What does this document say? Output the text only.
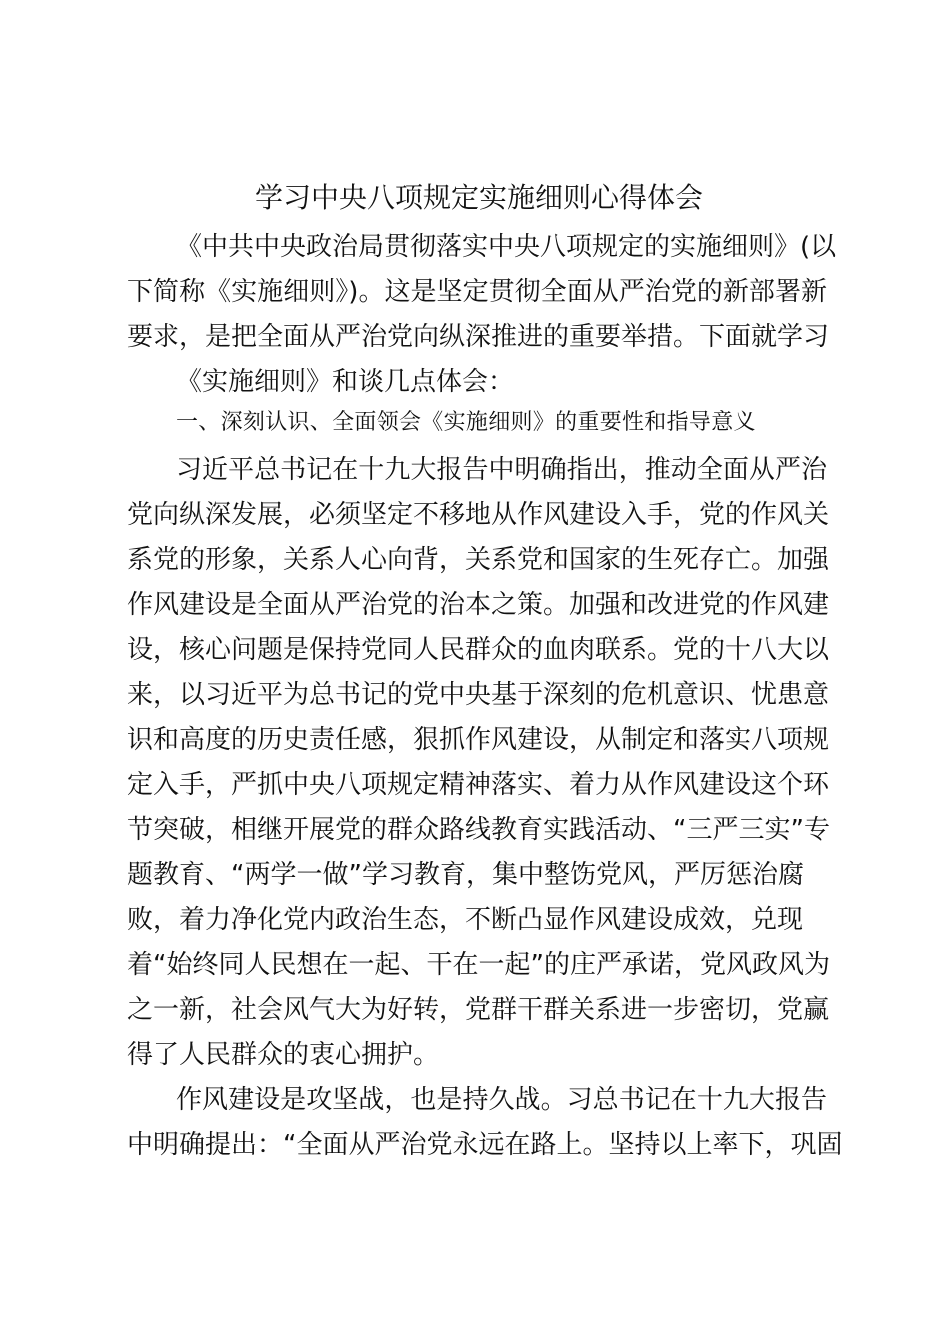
学习中央八项规定实施细则心得体会
《中共中央政治局贯彻落实中央八项规定的实施细则》(以
下简称《实施细则》)。这是坚定贯彻全面从严治党的新部署新
要求，是把全面从严治党向纵深推进的重要举措。下面就学习
《实施细则》和谈几点体会：
一、深刻认识、全面领会《实施细则》的重要性和指导意义
习近平总书记在十九大报告中明确指出，推动全面从严治
党向纵深发展，必须坚定不移地从作风建设入手，党的作风关
系党的形象，关系人心向背，关系党和国家的生死存亡。加强
作风建设是全面从严治党的治本之策。加强和改进党的作风建
设，核心问题是保持党同人民群众的血肉联系。党的十八大以
来，以习近平为总书记的党中央基于深刻的危机意识、忧患意
识和高度的历史责任感，狠抓作风建设，从制定和落实八项规
定入手，严抓中央八项规定精神落实、着力从作风建设这个环
节突破，相继开展党的群众路线教育实践活动、“三严三实”专
题教育、“两学一做”学习教育，集中整饬党风，严厉惩治腐
败，着力净化党内政治生态，不断凸显作风建设成效，兑现
着“始终同人民想在一起、干在一起”的庄严承诺，党风政风为
之一新，社会风气大为好转，党群干群关系进一步密切，党赢
得了人民群众的衷心拥护。
作风建设是攻坚战，也是持久战。习总书记在十九大报告
中明确提出：“全面从严治党永远在路上。坚持以上率下，巩固
